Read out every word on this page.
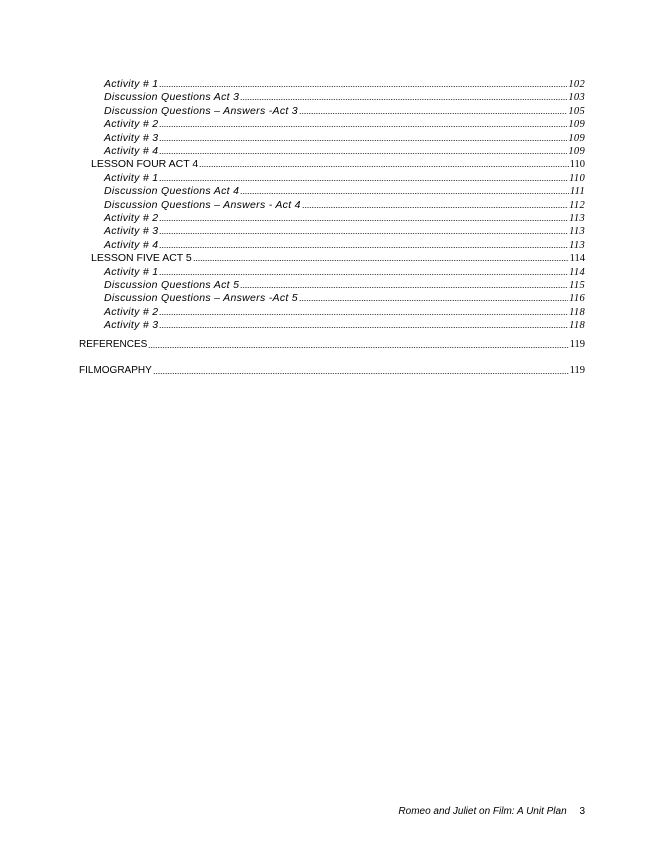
Activity # 1	102
Discussion Questions Act 3	103
Discussion Questions – Answers -Act 3	105
Activity # 2	109
Activity # 3	109
Activity # 4	109
LESSON FOUR ACT 4	110
Activity # 1	110
Discussion Questions Act 4	111
Discussion Questions – Answers - Act 4	112
Activity # 2	113
Activity # 3	113
Activity # 4	113
LESSON FIVE ACT 5	114
Activity # 1	114
Discussion Questions Act 5	115
Discussion Questions – Answers -Act 5	116
Activity # 2	118
Activity # 3	118
REFERENCES	119
FILMOGRAPHY	119
Romeo and Juliet on Film: A Unit Plan 3
